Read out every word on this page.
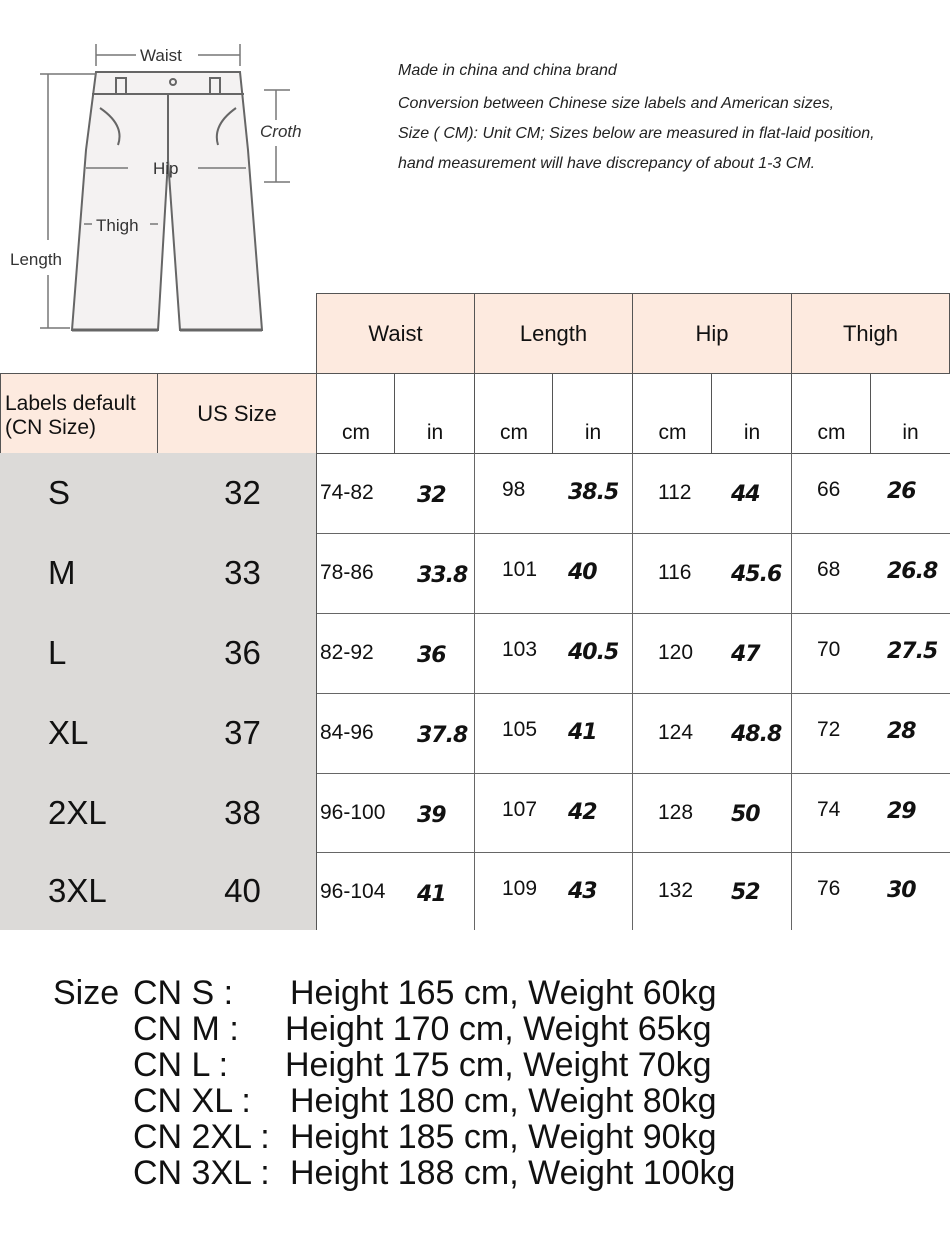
Waist
Croth
Hip
Thigh
Length
Made in china and china brand
Conversion between Chinese size labels and American sizes,
Size ( CM): Unit CM; Sizes below are measured in flat-laid position,
hand measurement will have discrepancy of about 1-3 CM.
Waist	Length	Hip	Thigh
Labels default
(CN Size)
US Size
cm	in	cm	in	cm	in	cm	in
S	32	74-82	32	98	38.5	112	44	66	26
M	33	78-86	33.8	101	40	116	45.6	68	26.8
L	36	82-92	36	103	40.5	120	47	70	27.5
XL	37	84-96	37.8	105	41	124	48.8	72	28
2XL	38	96-100	39	107	42	128	50	74	29
3XL	40	96-104	41	109	43	132	52	76	30
Size CN S : Height 165 cm, Weight 60kg
CN M : Height 170 cm, Weight 65kg
CN L : Height 175 cm, Weight 70kg
CN XL : Height 180 cm, Weight 80kg
CN 2XL : Height 185 cm, Weight 90kg
CN 3XL : Height 188 cm, Weight 100kg
